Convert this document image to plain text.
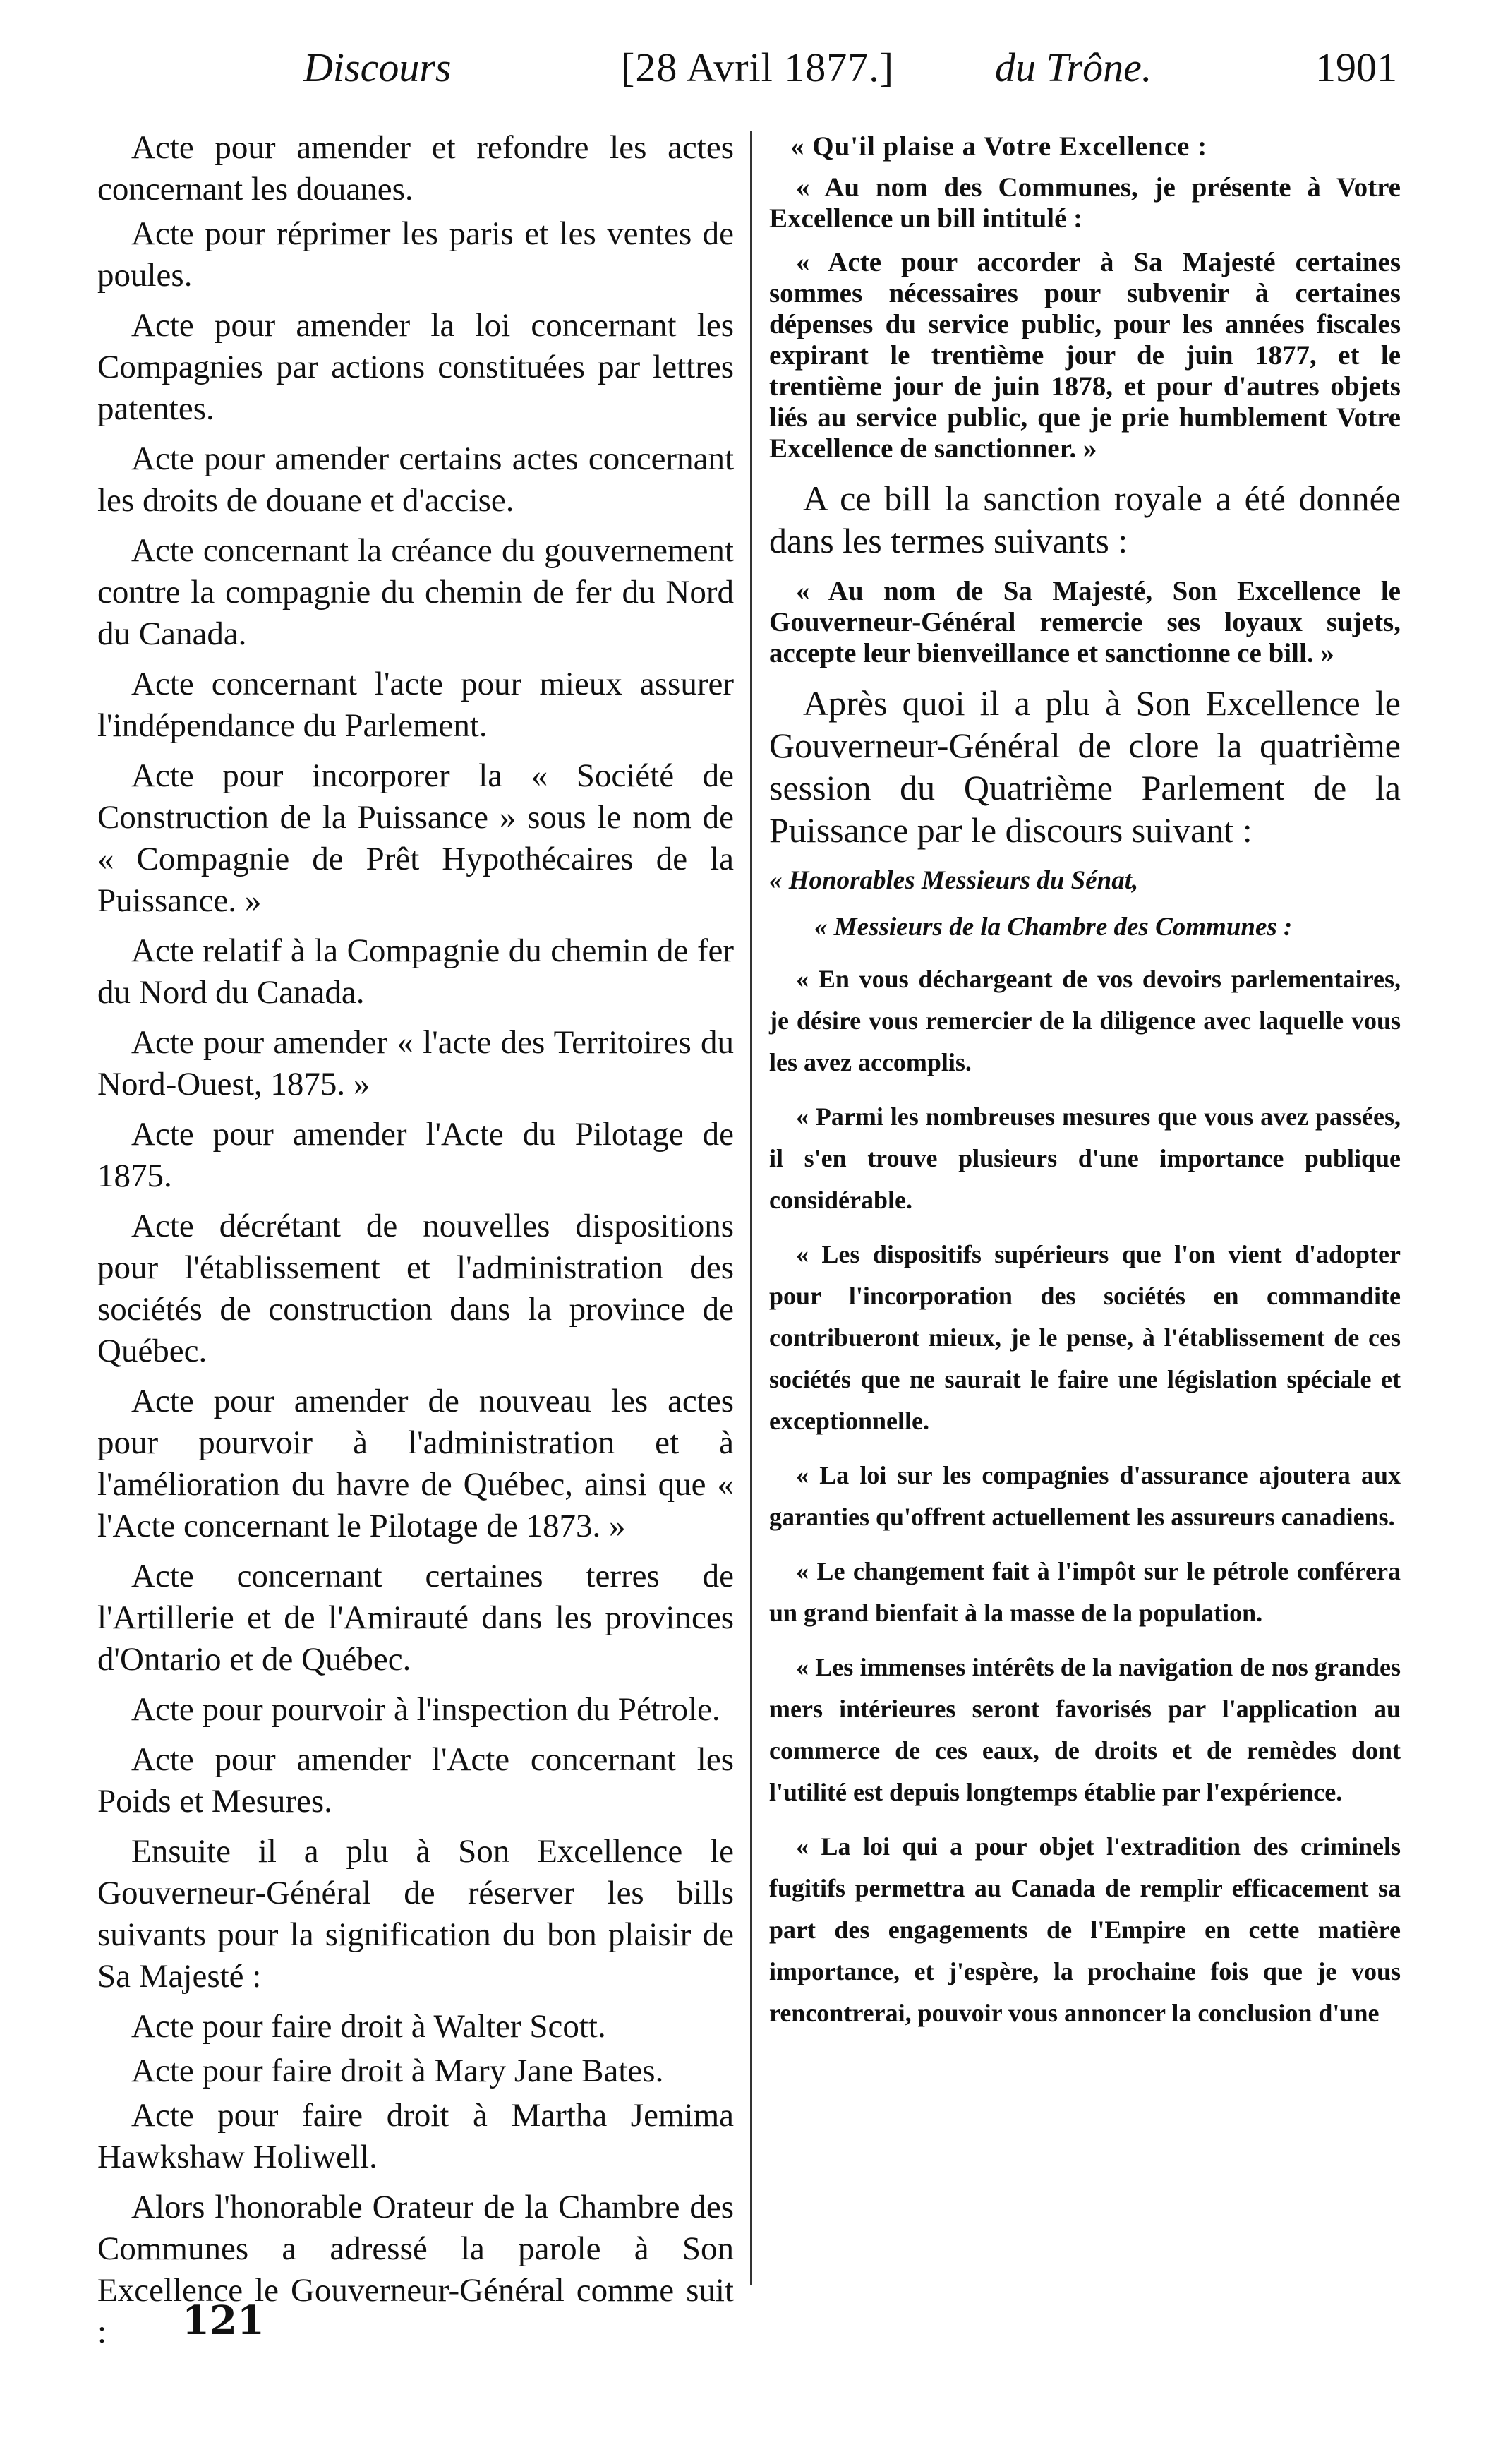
Discours	[28 Avril 1877.] du Trône.	1901

Acte pour amender et refondre les actes concernant les douanes.

Acte pour réprimer les paris et les ventes de poules.

Acte pour amender la loi concernant les Compagnies par actions constituées par lettres patentes.

Acte pour amender certains actes concernant les droits de douane et d'accise.

Acte concernant la créance du gouvernement contre la compagnie du chemin de fer du Nord du Canada.

Acte concernant l'acte pour mieux assurer l'indépendance du Parlement.

Acte pour incorporer la « Société de Construction de la Puissance » sous le nom de « Compagnie de Prêt Hypothécaires de la Puissance. »

Acte relatif à la Compagnie du chemin de fer du Nord du Canada.

Acte pour amender « l'acte des Territoires du Nord-Ouest, 1875. »

Acte pour amender l'Acte du Pilotage de 1875.

Acte décrétant de nouvelles dispositions pour l'établissement et l'administration des sociétés de construction dans la province de Québec.

Acte pour amender de nouveau les actes pour pourvoir à l'administration et à l'amélioration du havre de Québec, ainsi que « l'Acte concernant le Pilotage de 1873. »

Acte concernant certaines terres de l'Artillerie et de l'Amirauté dans les provinces d'Ontario et de Québec.

Acte pour pourvoir à l'inspection du Pétrole.

Acte pour amender l'Acte concernant les Poids et Mesures.

Ensuite il a plu à Son Excellence le Gouverneur-Général de réserver les bills suivants pour la signification du bon plaisir de Sa Majesté :

Acte pour faire droit à Walter Scott.

Acte pour faire droit à Mary Jane Bates.

Acte pour faire droit à Martha Jemima Hawkshaw Holiwell.

Alors l'honorable Orateur de la Chambre des Communes a adressé la parole à Son Excellence le Gouverneur-Général comme suit :

« Qu'il plaise a Votre Excellence :

« Au nom des Communes, je présente à Votre Excellence un bill intitulé :

« Acte pour accorder à Sa Majesté certaines sommes nécessaires pour subvenir à certaines dépenses du service public, pour les années fiscales expirant le trentième jour de juin 1877, et le trentième jour de juin 1878, et pour d'autres objets liés au service public, que je prie humblement Votre Excellence de sanctionner. »

A ce bill la sanction royale a été donnée dans les termes suivants :

« Au nom de Sa Majesté, Son Excellence le Gouverneur-Général remercie ses loyaux sujets, accepte leur bienveillance et sanctionne ce bill. »

Après quoi il a plu à Son Excellence le Gouverneur-Général de clore la quatrième session du Quatrième Parlement de la Puissance par le discours suivant :

« Honorables Messieurs du Sénat,

« Messieurs de la Chambre des Communes :

« En vous déchargeant de vos devoirs parlementaires, je désire vous remercier de la diligence avec laquelle vous les avez accomplis.

« Parmi les nombreuses mesures que vous avez passées, il s'en trouve plusieurs d'une importance publique considérable.

« Les dispositifs supérieurs que l'on vient d'adopter pour l'incorporation des sociétés en commandite contribueront mieux, je le pense, à l'établissement de ces sociétés que ne saurait le faire une législation spéciale et exceptionnelle.

« La loi sur les compagnies d'assurance ajoutera aux garanties qu'offrent actuellement les assureurs canadiens.

« Le changement fait à l'impôt sur le pétrole conférera un grand bienfait à la masse de la population.

« Les immenses intérêts de la navigation de nos grandes mers intérieures seront favorisés par l'application au commerce de ces eaux, de droits et de remèdes dont l'utilité est depuis longtemps établie par l'expérience.

« La loi qui a pour objet l'extradition des criminels fugitifs permettra au Canada de remplir efficacement sa part des engagements de l'Empire en cette matière importance, et j'espère, la prochaine fois que je vous rencontrerai, pouvoir vous annoncer la conclusion d'une

121
